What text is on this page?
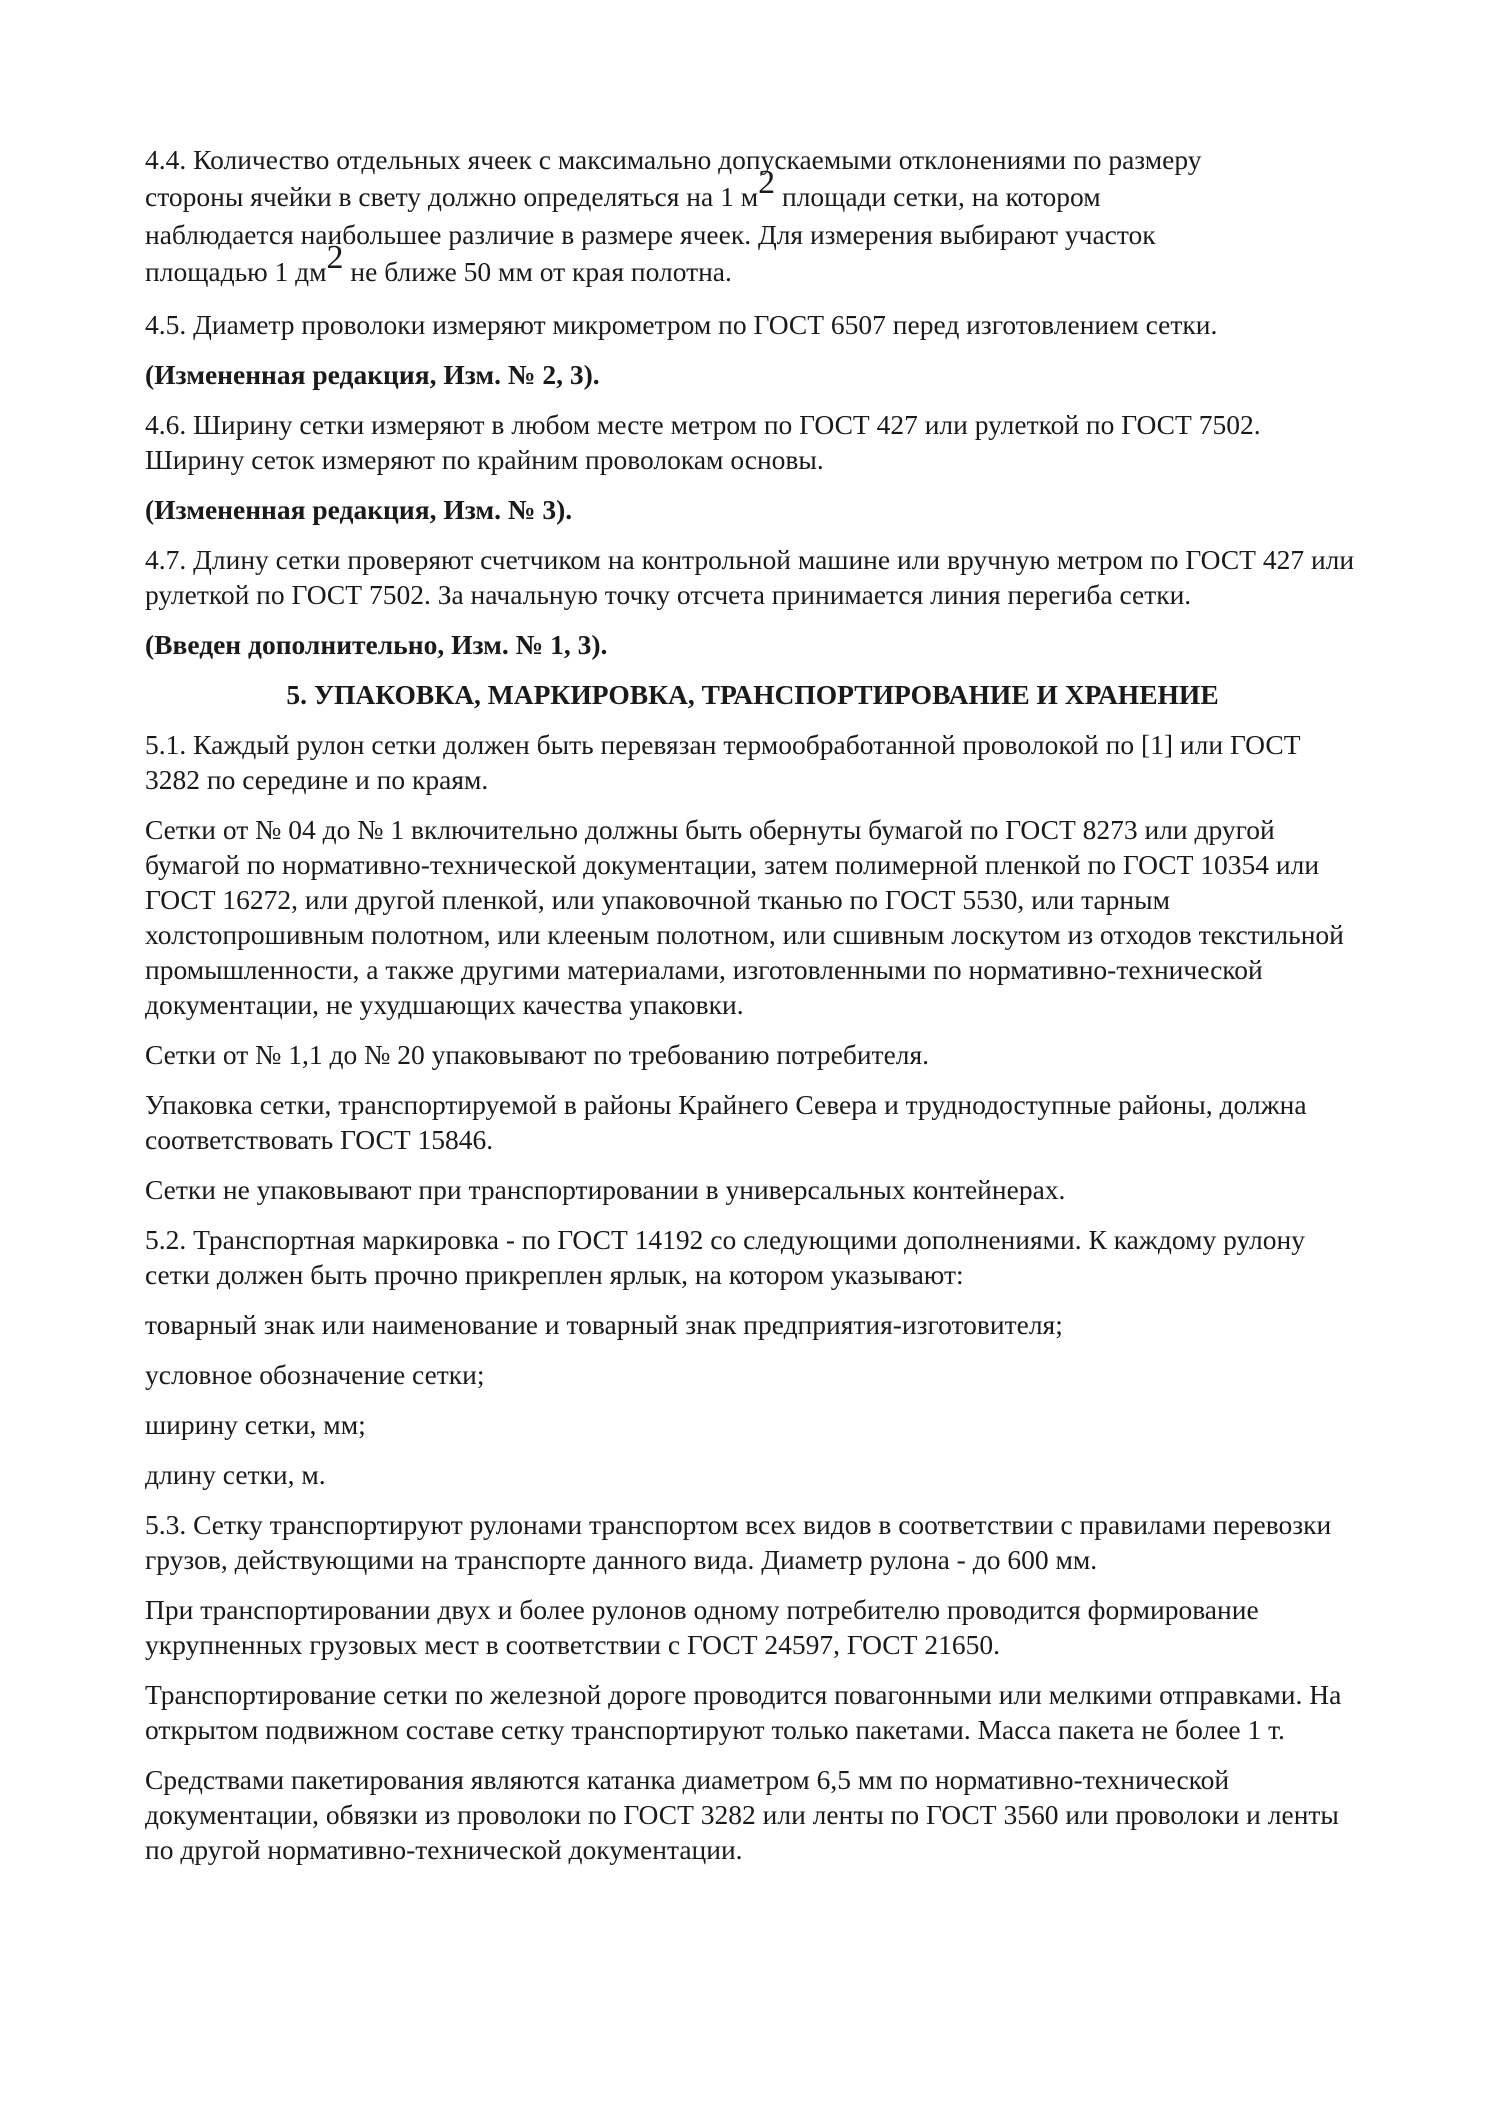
4.4. Количество отдельных ячеек с максимально допускаемыми отклонениями по размеру
стороны ячейки в свету должно определяться на 1 $м^2$ площади сетки, на котором
наблюдается наибольшее различие в размере ячеек. Для измерения выбирают участок
площадью 1 $дм^2$ не ближе 50 мм от края полотна.

4.5. Диаметр проволоки измеряют микрометром по ГОСТ 6507 перед изготовлением сетки.

(Измененная редакция, Изм. № 2, 3).

4.6. Ширину сетки измеряют в любом месте метром по ГОСТ 427 или рулеткой по ГОСТ 7502. Ширину сеток измеряют по крайним проволокам основы.

(Измененная редакция, Изм. № 3).

4.7. Длину сетки проверяют счетчиком на контрольной машине или вручную метром по ГОСТ 427 или рулеткой по ГОСТ 7502. За начальную точку отсчета принимается линия перегиба сетки.

(Введен дополнительно, Изм. № 1, 3).

5. УПАКОВКА, МАРКИРОВКА, ТРАНСПОРТИРОВАНИЕ И ХРАНЕНИЕ

5.1. Каждый рулон сетки должен быть перевязан термообработанной проволокой по [1] или ГОСТ 3282 по середине и по краям.

Сетки от № 04 до № 1 включительно должны быть обернуты бумагой по ГОСТ 8273 или другой бумагой по нормативно-технической документации, затем полимерной пленкой по ГОСТ 10354 или ГОСТ 16272, или другой пленкой, или упаковочной тканью по ГОСТ 5530, или тарным холстопрошивным полотном, или клееным полотном, или сшивным лоскутом из отходов текстильной промышленности, а также другими материалами, изготовленными по нормативно-технической документации, не ухудшающих качества упаковки.

Сетки от № 1,1 до № 20 упаковывают по требованию потребителя.

Упаковка сетки, транспортируемой в районы Крайнего Севера и труднодоступные районы, должна соответствовать ГОСТ 15846.

Сетки не упаковывают при транспортировании в универсальных контейнерах.

5.2. Транспортная маркировка - по ГОСТ 14192 со следующими дополнениями. К каждому рулону сетки должен быть прочно прикреплен ярлык, на котором указывают:

товарный знак или наименование и товарный знак предприятия-изготовителя;

условное обозначение сетки;

ширину сетки, мм;

длину сетки, м.

5.3. Сетку транспортируют рулонами транспортом всех видов в соответствии с правилами перевозки грузов, действующими на транспорте данного вида. Диаметр рулона - до 600 мм.

При транспортировании двух и более рулонов одному потребителю проводится формирование укрупненных грузовых мест в соответствии с ГОСТ 24597, ГОСТ 21650.

Транспортирование сетки по железной дороге проводится повагонными или мелкими отправками. На открытом подвижном составе сетку транспортируют только пакетами. Масса пакета не более 1 т.

Средствами пакетирования являются катанка диаметром 6,5 мм по нормативно-технической документации, обвязки из проволоки по ГОСТ 3282 или ленты по ГОСТ 3560 или проволоки и ленты по другой нормативно-технической документации.
